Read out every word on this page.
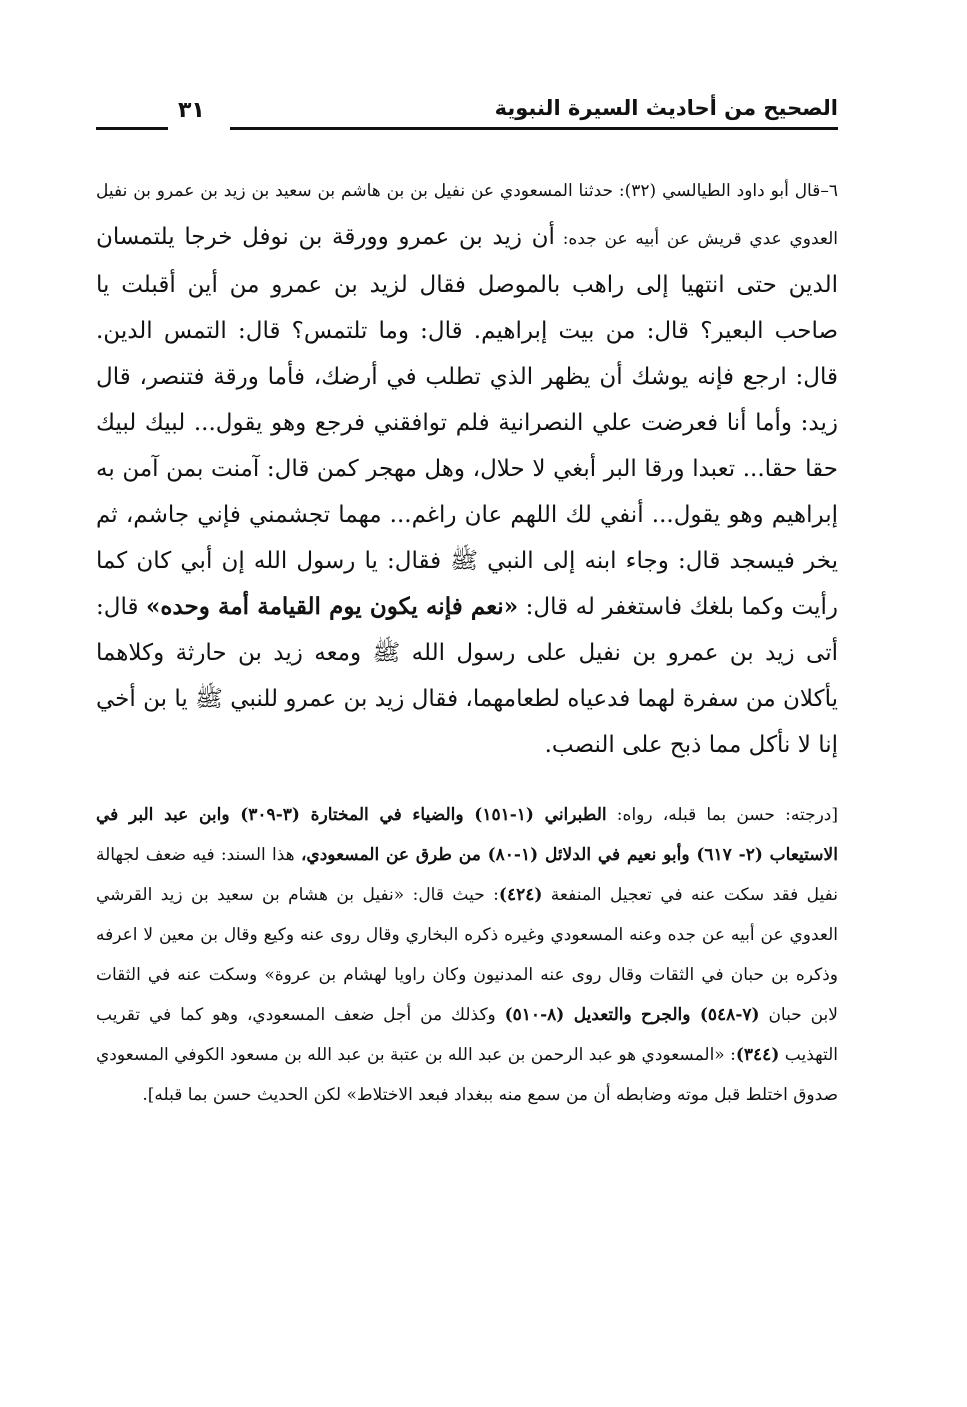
الصحيح من أحاديث السيرة النبوية
٣١

٦–قال أبو داود الطيالسي (٣٢): حدثنا المسعودي عن نفيل بن بن هاشم بن سعيد بن زيد بن عمرو بن نفيل العدوي عدي قريش عن أبيه عن جده: أن زيد بن عمرو وورقة بن نوفل خرجا يلتمسان الدين حتى انتهيا إلى راهب بالموصل فقال لزيد بن عمرو من أين أقبلت يا صاحب البعير؟ قال: من بيت إبراهيم. قال: وما تلتمس؟ قال: التمس الدين. قال: ارجع فإنه يوشك أن يظهر الذي تطلب في أرضك، فأما ورقة فتنصر، قال زيد: وأما أنا فعرضت علي النصرانية فلم توافقني فرجع وهو يقول... لبيك لبيك حقا حقا... تعبدا ورقا البر أبغي لا حلال، وهل مهجر كمن قال: آمنت بمن آمن به إبراهيم وهو يقول... أنفي لك اللهم عان راغم... مهما تجشمني فإني جاشم، ثم يخر فيسجد قال: وجاء ابنه إلى النبي ﷺ فقال: يا رسول الله إن أبي كان كما رأيت وكما بلغك فاستغفر له قال: «نعم فإنه يكون يوم القيامة أمة وحده» قال: أتى زيد بن عمرو بن نفيل على رسول الله ﷺ ومعه زيد بن حارثة وكلاهما يأكلان من سفرة لهما فدعياه لطعامهما، فقال زيد بن عمرو للنبي ﷺ يا بن أخي إنا لا نأكل مما ذبح على النصب.

[درجته: حسن بما قبله، رواه: الطبراني (١-١٥١) والضياء في المختارة (٣-٣٠٩) وابن عبد البر في الاستيعاب (٢- ٦١٧) وأبو نعيم في الدلائل (١-٨٠) من طرق عن المسعودي، هذا السند: فيه ضعف لجهالة نفيل فقد سكت عنه في تعجيل المنفعة (٤٢٤): حيث قال: «نفيل بن هشام بن سعيد بن زيد القرشي العدوي عن أبيه عن جده وعنه المسعودي وغيره ذكره البخاري وقال روى عنه وكيع وقال بن معين لا اعرفه وذكره بن حبان في الثقات وقال روى عنه المدنيون وكان راويا لهشام بن عروة» وسكت عنه في الثقات لابن حبان (٧-٥٤٨) والجرح والتعديل (٨-٥١٠) وكذلك من أجل ضعف المسعودي، وهو كما في تقريب التهذيب (٣٤٤): «المسعودي هو عبد الرحمن بن عبد الله بن عتبة بن عبد الله بن مسعود الكوفي المسعودي صدوق اختلط قبل موته وضابطه أن من سمع منه ببغداد فبعد الاختلاط» لكن الحديث حسن بما قبله].
